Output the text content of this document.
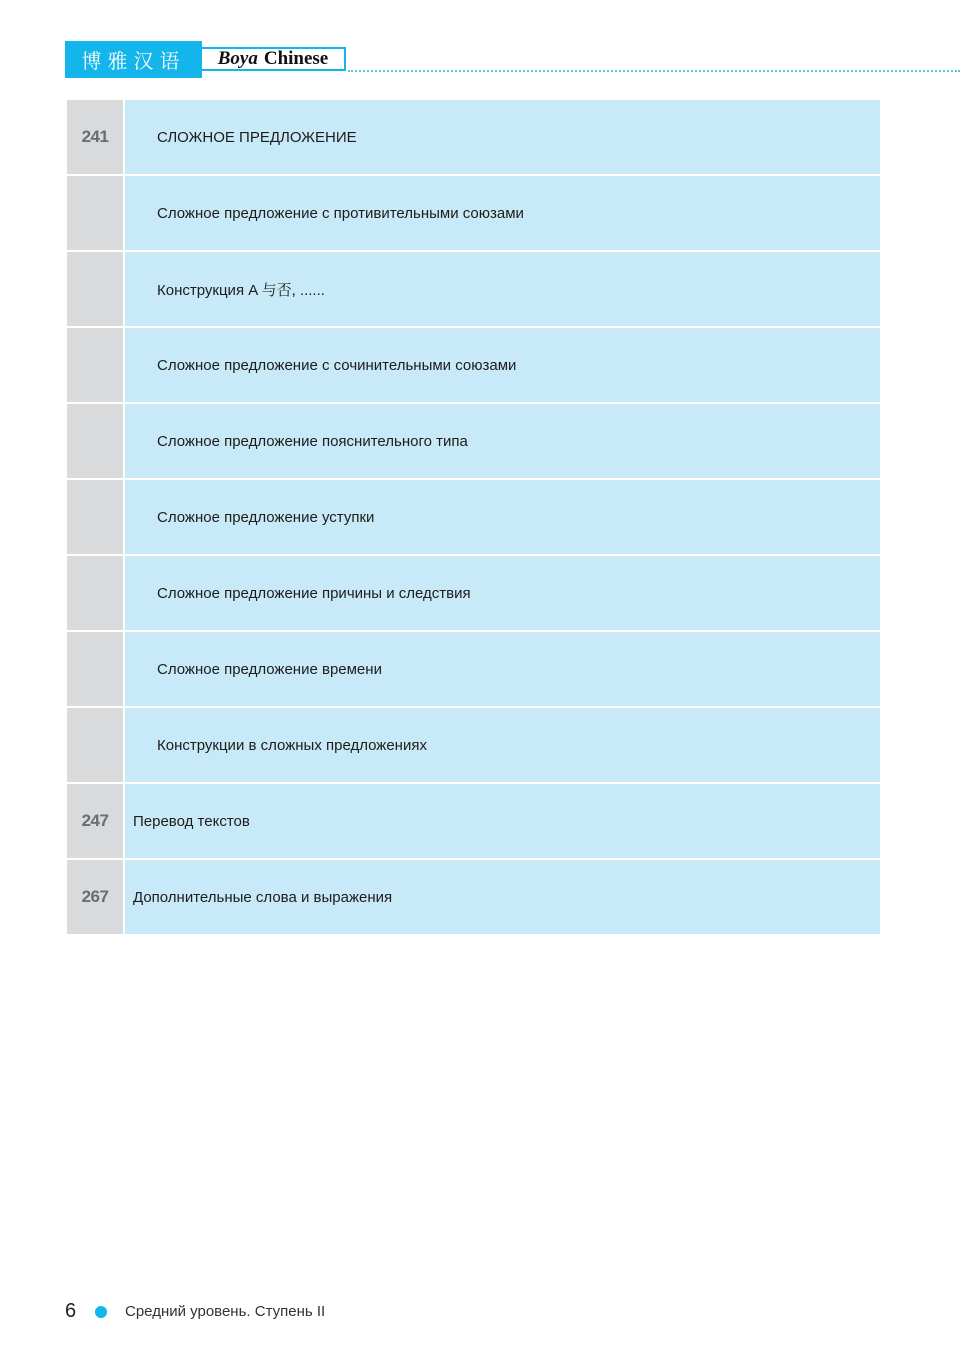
博雅汉语	Boya Chinese
241	СЛОЖНОЕ ПРЕДЛОЖЕНИЕ
Сложное предложение с противительными союзами
Конструкция A 与否, ......
Сложное предложение с сочинительными союзами
Сложное предложение пояснительного типа
Сложное предложение уступки
Сложное предложение причины и следствия
Сложное предложение времени
Конструкции в сложных предложениях
247	Перевод текстов
267	Дополнительные слова и выражения
6	Средний уровень. Ступень II
